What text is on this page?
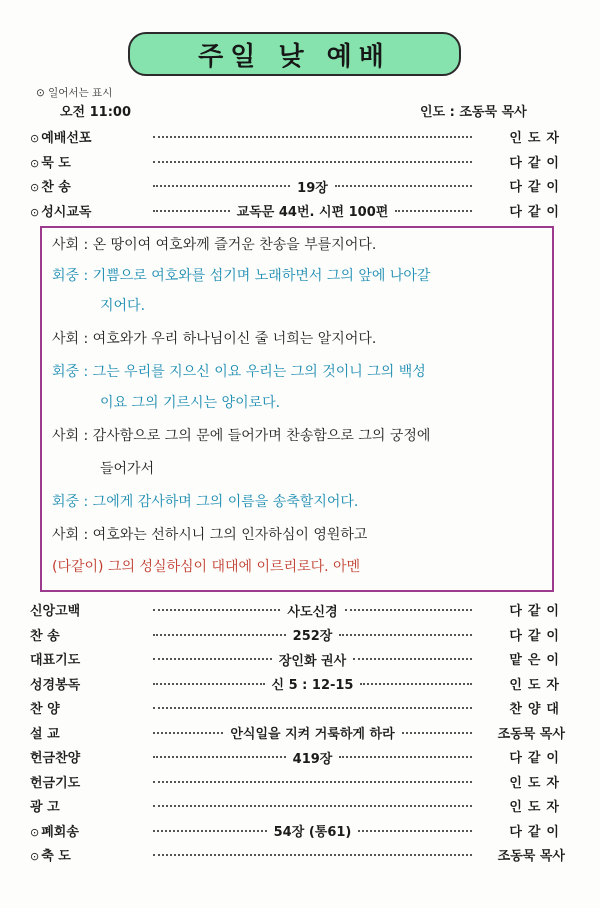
주일 낮 예배
⊙ 일어서는 표시
오전 11:00	인도 : 조동묵 목사
⊙ 예배선포	인도자
⊙ 묵 도	다같이
⊙ 찬 송	19장	다같이
⊙ 성시교독	교독문 44번. 시편 100편	다같이
사회 : 온 땅이여 여호와께 즐거운 찬송을 부를지어다.
회중 : 기쁨으로 여호와를 섬기며 노래하면서 그의 앞에 나아갈
지어다.
사회 : 여호와가 우리 하나님이신 줄 너희는 알지어다.
회중 : 그는 우리를 지으신 이요 우리는 그의 것이니 그의 백성
이요 그의 기르시는 양이로다.
사회 : 감사함으로 그의 문에 들어가며 찬송함으로 그의 궁정에
들어가서
회중 : 그에게 감사하며 그의 이름을 송축할지어다.
사회 : 여호와는 선하시니 그의 인자하심이 영원하고
(다같이) 그의 성실하심이 대대에 이르리로다. 아멘
신앙고백	사도신경	다같이
찬 송	252장	다같이
대표기도	장인화 권사	맡은이
성경봉독	신 5 : 12-15	인도자
찬 양	찬양대
설 교	안식일을 지켜 거룩하게 하라	조동묵 목사
헌금찬양	419장	다같이
헌금기도	인도자
광 고	인도자
⊙ 폐회송	54장 (통61)	다같이
⊙ 축 도	조동묵 목사
